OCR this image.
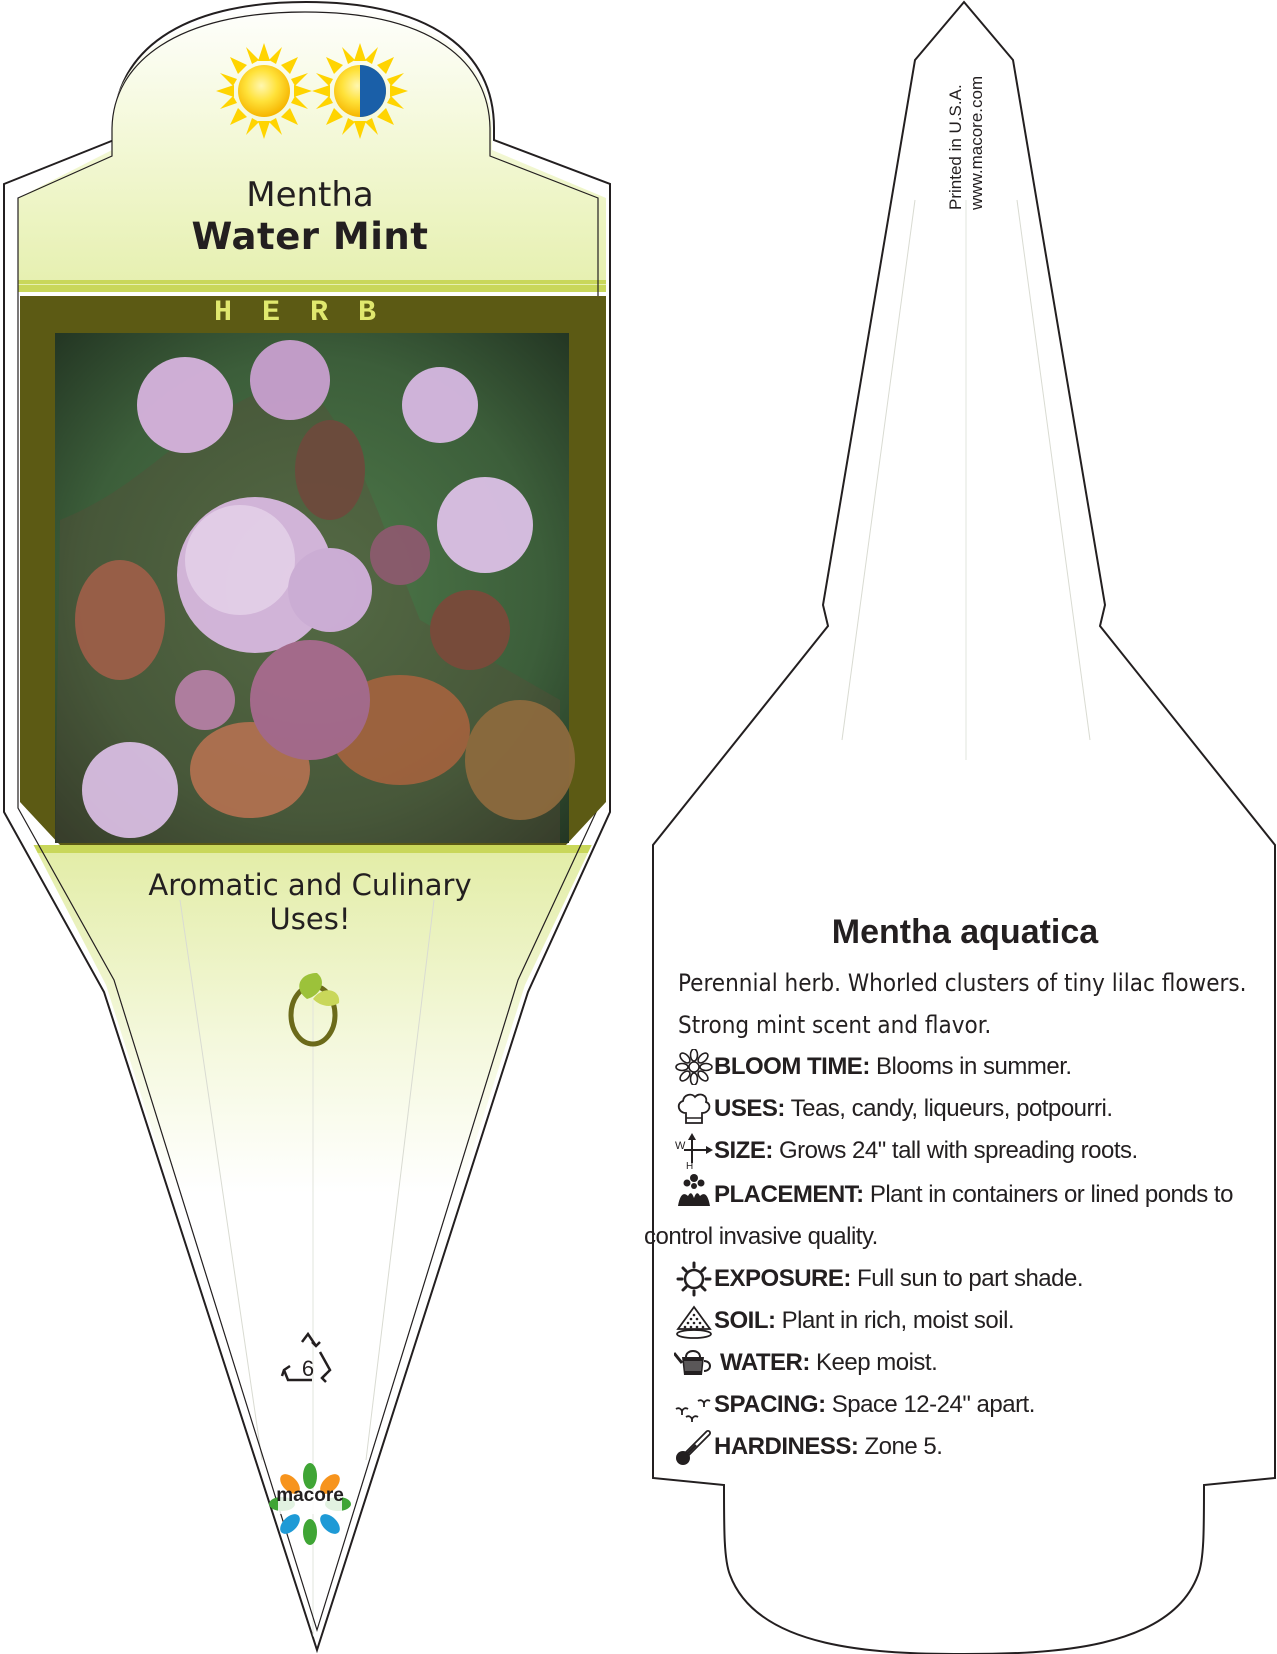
Mentha
Water Mint
HERB
Aromatic and Culinary
Uses!
6
macore
Printed in U.S.A. www.macore.com
Mentha aquatica

Perennial herb. Whorled clusters of tiny lilac flowers.
Strong mint scent and flavor.

BLOOM TIME: Blooms in summer.
USES: Teas, candy, liqueurs, potpourri.
W
H
SIZE: Grows 24" tall with spreading roots.
PLACEMENT: Plant in containers or lined ponds to
control invasive quality.
EXPOSURE: Full sun to part shade.
SOIL: Plant in rich, moist soil.
WATER: Keep moist.
SPACING: Space 12-24" apart.
HARDINESS: Zone 5.
